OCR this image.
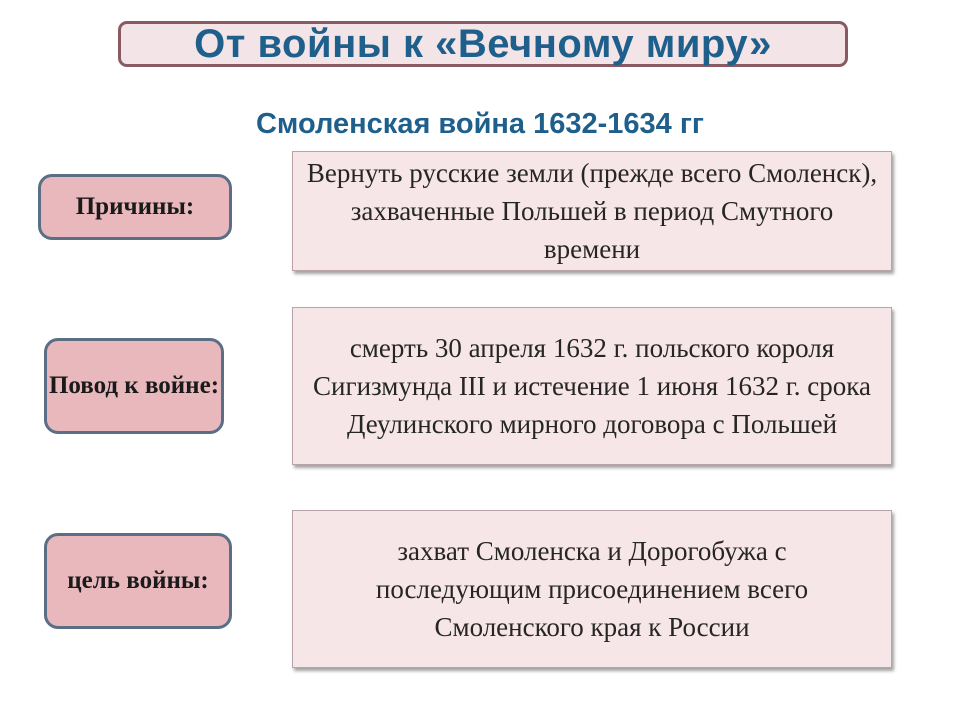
От войны к «Вечному миру»
Смоленская война 1632-1634 гг
Причины:
Вернуть русские земли (прежде всего Смоленск), захваченные Польшей в период Смутного времени
Повод к войне:
смерть 30 апреля 1632 г. польского короля Сигизмунда III и истечение 1 июня 1632 г. срока Деулинского мирного договора с Польшей
цель войны:
захват Смоленска и Дорогобужа с последующим присоединением всего Смоленского края к России
